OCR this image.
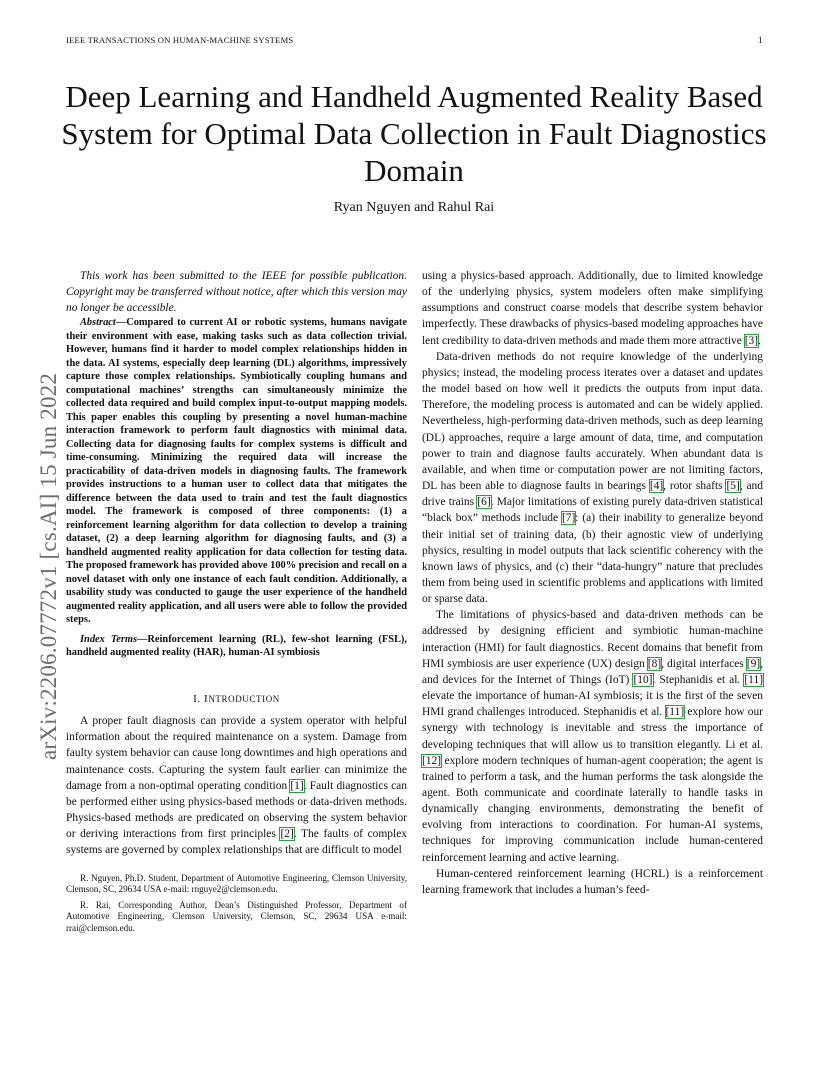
IEEE TRANSACTIONS ON HUMAN-MACHINE SYSTEMS	1
arXiv:2206.07772v1 [cs.AI] 15 Jun 2022
Deep Learning and Handheld Augmented Reality Based System for Optimal Data Collection in Fault Diagnostics Domain
Ryan Nguyen and Rahul Rai

This work has been submitted to the IEEE for possible publication. Copyright may be transferred without notice, after which this version may no longer be accessible.

Abstract—Compared to current AI or robotic systems, humans navigate their environment with ease, making tasks such as data collection trivial. However, humans find it harder to model complex relationships hidden in the data. AI systems, especially deep learning (DL) algorithms, impressively capture those complex relationships. Symbiotically coupling humans and computational machines’ strengths can simultaneously minimize the collected data required and build complex input-to-output mapping models. This paper enables this coupling by presenting a novel human-machine interaction framework to perform fault diagnostics with minimal data. Collecting data for diagnosing faults for complex systems is difficult and time-consuming. Minimizing the required data will increase the practicability of data-driven models in diagnosing faults. The framework provides instructions to a human user to collect data that mitigates the difference between the data used to train and test the fault diagnostics model. The framework is composed of three components: (1) a reinforcement learning algorithm for data collection to develop a training dataset, (2) a deep learning algorithm for diagnosing faults, and (3) a handheld augmented reality application for data collection for testing data. The proposed framework has provided above 100% precision and recall on a novel dataset with only one instance of each fault condition. Additionally, a usability study was conducted to gauge the user experience of the handheld augmented reality application, and all users were able to follow the provided steps.

Index Terms—Reinforcement learning (RL), few-shot learning (FSL), handheld augmented reality (HAR), human-AI symbiosis

I. INTRODUCTION

A proper fault diagnosis can provide a system operator with helpful information about the required maintenance on a system. Damage from faulty system behavior can cause long downtimes and high operations and maintenance costs. Capturing the system fault earlier can minimize the damage from a non-optimal operating condition [1]. Fault diagnostics can be performed either using physics-based methods or data-driven methods. Physics-based methods are predicated on observing the system behavior or deriving interactions from first principles [2]. The faults of complex systems are governed by complex relationships that are difficult to model

R. Nguyen, Ph.D. Student, Department of Automotive Engineering, Clemson University, Clemson, SC, 29634 USA e-mail: rnguye2@clemson.edu.

R. Rai, Corresponding Author, Dean’s Distinguished Professor, Department of Automotive Engineering, Clemson University, Clemson, SC, 29634 USA e-mail: rrai@clemson.edu.

using a physics-based approach. Additionally, due to limited knowledge of the underlying physics, system modelers often make simplifying assumptions and construct coarse models that describe system behavior imperfectly. These drawbacks of physics-based modeling approaches have lent credibility to data-driven methods and made them more attractive [3].

Data-driven methods do not require knowledge of the underlying physics; instead, the modeling process iterates over a dataset and updates the model based on how well it predicts the outputs from input data. Therefore, the modeling process is automated and can be widely applied. Nevertheless, high-performing data-driven methods, such as deep learning (DL) approaches, require a large amount of data, time, and computation power to train and diagnose faults accurately. When abundant data is available, and when time or computation power are not limiting factors, DL has been able to diagnose faults in bearings [4], rotor shafts [5], and drive trains [6]. Major limitations of existing purely data-driven statistical “black box” methods include [7]: (a) their inability to generalize beyond their initial set of training data, (b) their agnostic view of underlying physics, resulting in model outputs that lack scientific coherency with the known laws of physics, and (c) their “data-hungry” nature that precludes them from being used in scientific problems and applications with limited or sparse data.

The limitations of physics-based and data-driven methods can be addressed by designing efficient and symbiotic human-machine interaction (HMI) for fault diagnostics. Recent domains that benefit from HMI symbiosis are user experience (UX) design [8], digital interfaces [9], and devices for the Internet of Things (IoT) [10]. Stephanidis et al. [11] elevate the importance of human-AI symbiosis; it is the first of the seven HMI grand challenges introduced. Stephanidis et al. [11] explore how our synergy with technology is inevitable and stress the importance of developing techniques that will allow us to transition elegantly. Li et al. [12] explore modern techniques of human-agent cooperation; the agent is trained to perform a task, and the human performs the task alongside the agent. Both communicate and coordinate laterally to handle tasks in dynamically changing environments, demonstrating the benefit of evolving from interactions to coordination. For human-AI systems, techniques for improving communication include human-centered reinforcement learning and active learning.

Human-centered reinforcement learning (HCRL) is a reinforcement learning framework that includes a human’s feed-
